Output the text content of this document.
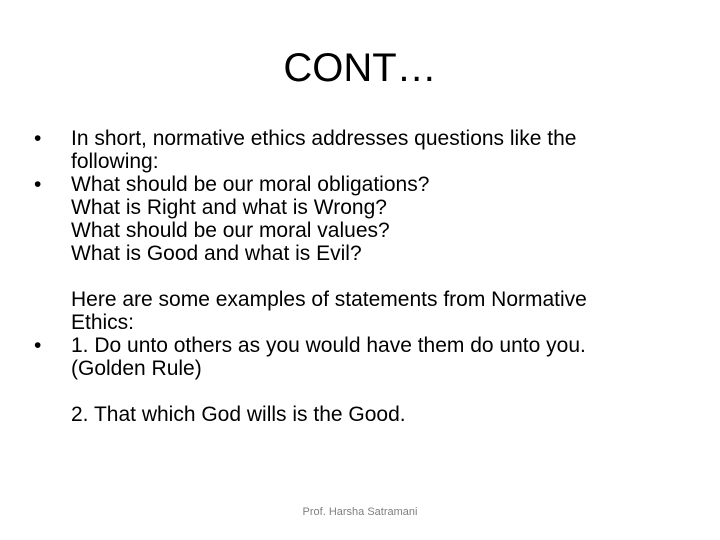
CONT…
•	In short, normative ethics addresses questions like the
following:
•	What should be our moral obligations?
What is Right and what is Wrong?
What should be our moral values?
What is Good and what is Evil?
Here are some examples of statements from Normative
Ethics:
•	1. Do unto others as you would have them do unto you.
(Golden Rule)
2. That which God wills is the Good.
Prof. Harsha Satramani
